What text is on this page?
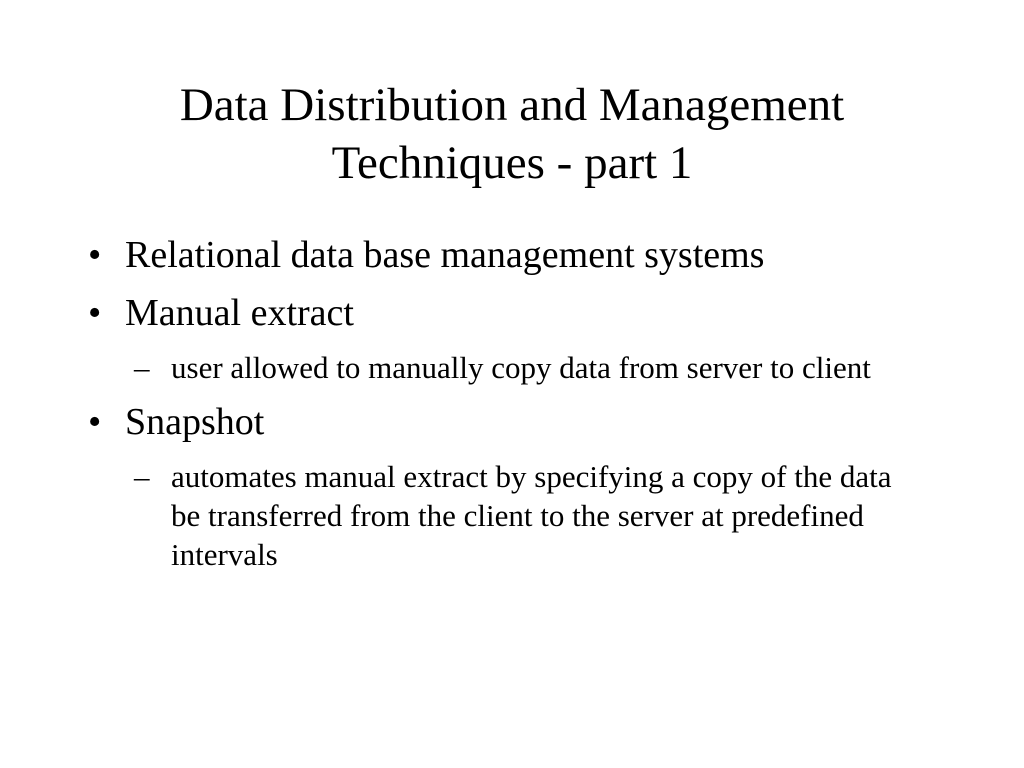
Data Distribution and Management
Techniques - part 1
• Relational data base management systems
• Manual extract
– user allowed to manually copy data from server to client
• Snapshot
– automates manual extract by specifying a copy of the data be transferred from the client to the server at predefined intervals
